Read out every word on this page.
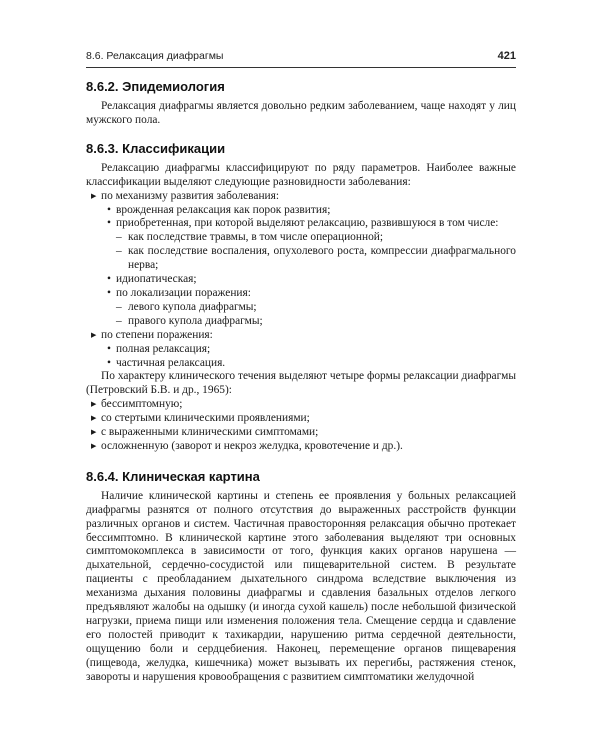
8.6. Релаксация диафрагмы	421
8.6.2. Эпидемиология

Релаксация диафрагмы является довольно редким заболеванием, чаще находят у лиц мужского пола.

8.6.3. Классификации

Релаксацию диафрагмы классифицируют по ряду параметров. Наиболее важные классификации выделяют следующие разновидности заболевания:

▶ по механизму развития заболевания:
• врожденная релаксация как порок развития;
• приобретенная, при которой выделяют релаксацию, развившуюся в том числе:
– как последствие травмы, в том числе операционной;
– как последствие воспаления, опухолевого роста, компрессии диафрагмального нерва;
• идиопатическая;
• по локализации поражения:
– левого купола диафрагмы;
– правого купола диафрагмы;
▶ по степени поражения:
• полная релаксация;
• частичная релаксация.

По характеру клинического течения выделяют четыре формы релаксации диафрагмы (Петровский Б.В. и др., 1965):

▶ бессимптомную;
▶ со стертыми клиническими проявлениями;
▶ с выраженными клиническими симптомами;
▶ осложненную (заворот и некроз желудка, кровотечение и др.).
8.6.4. Клиническая картина

Наличие клинической картины и степень ее проявления у больных релаксацией диафрагмы разнятся от полного отсутствия до выраженных расстройств функции различных органов и систем. Частичная правосторонняя релаксация обычно протекает бессимптомно. В клинической картине этого заболевания выделяют три основных симптомокомплекса в зависимости от того, функция каких органов нарушена — дыхательной, сердечно-сосудистой или пищеварительной систем. В результате пациенты с преобладанием дыхательного синдрома вследствие выключения из механизма дыхания половины диафрагмы и сдавления базальных отделов легкого предъявляют жалобы на одышку (и иногда сухой кашель) после небольшой физической нагрузки, приема пищи или изменения положения тела. Смещение сердца и сдавление его полостей приводит к тахикардии, нарушению ритма сердечной деятельности, ощущению боли и сердцебиения. Наконец, перемещение органов пищеварения (пищевода, желудка, кишечника) может вызывать их перегибы, растяжения стенок, завороты и нарушения кровообращения с развитием симптоматики желудочной
